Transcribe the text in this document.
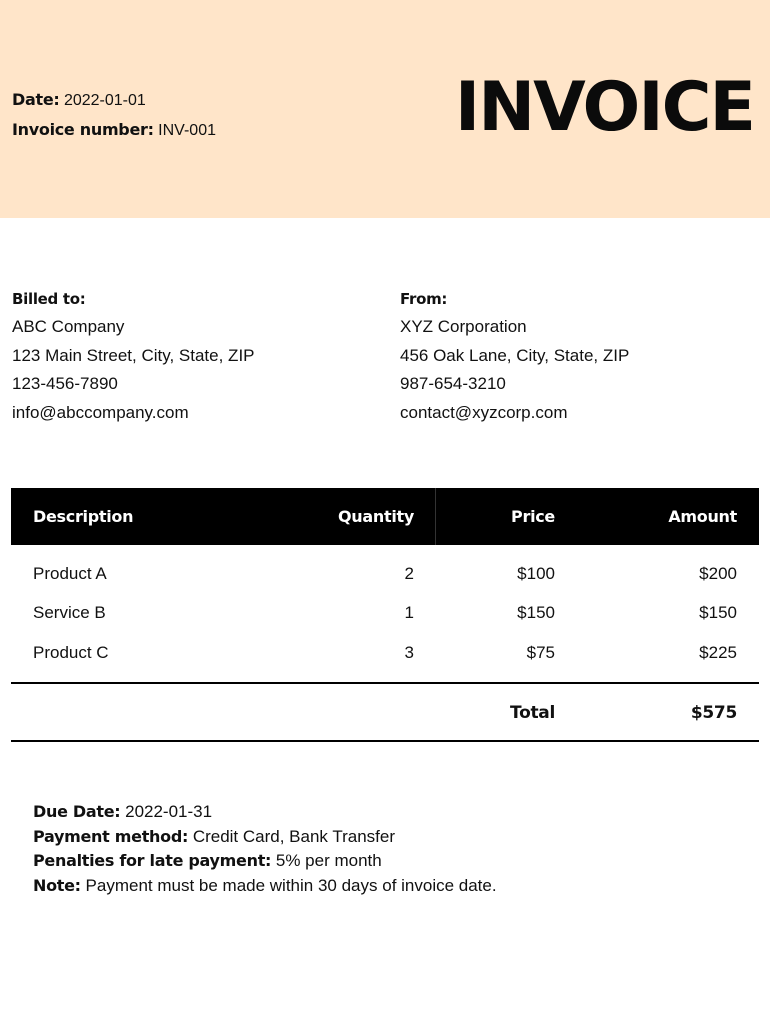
Date: 2022-01-01
Invoice number: INV-001	INVOICE
Billed to:
ABC Company
123 Main Street, City, State, ZIP
123-456-7890
info@abccompany.com
From:
XYZ Corporation
456 Oak Lane, City, State, ZIP
987-654-3210
contact@xyzcorp.com
Description	Quantity	Price	Amount
Product A	2	$100	$200
Service B	1	$150	$150
Product C	3	$75	$225
Total	$575
Due Date: 2022-01-31
Payment method: Credit Card, Bank Transfer
Penalties for late payment: 5% per month
Note: Payment must be made within 30 days of invoice date.
